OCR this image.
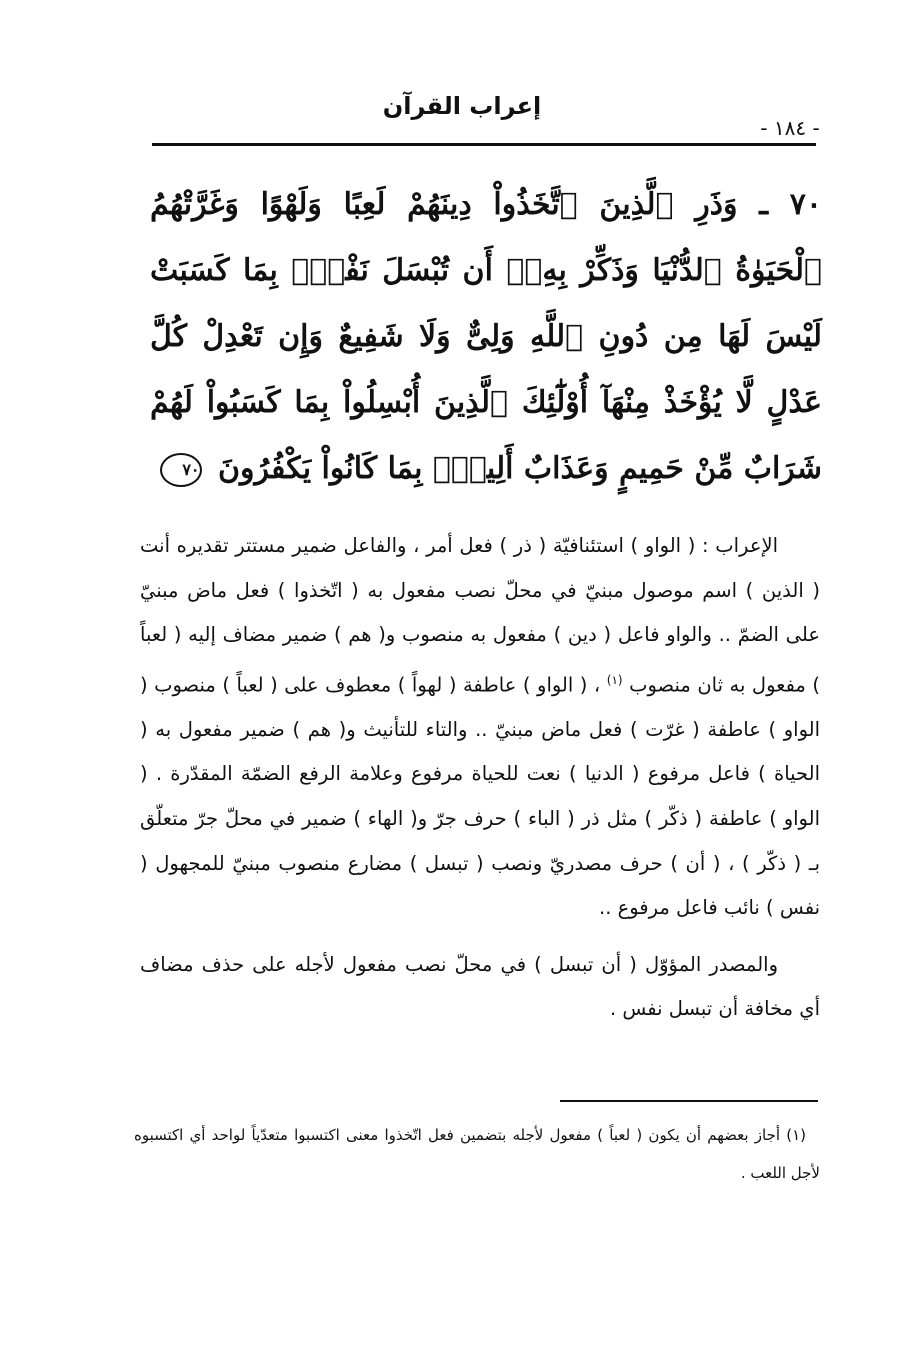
إعراب القرآن
- ١٨٤ -
٧٠ ـ وَذَرِ ٱلَّذِينَ ٱتَّخَذُواْ دِينَهُمْ لَعِبًا وَلَهْوًا وَغَرَّتْهُمُ ٱلْحَيَوٰةُ ٱلدُّنْيَا وَذَكِّرْ بِهِۦٓ أَن تُبْسَلَ نَفْسٌۢ بِمَا كَسَبَتْ لَيْسَ لَهَا مِن دُونِ ٱللَّهِ وَلِىٌّ وَلَا شَفِيعٌ وَإِن تَعْدِلْ كُلَّ عَدْلٍ لَّا يُؤْخَذْ مِنْهَآ أُوْلَٰٓئِكَ ٱلَّذِينَ أُبْسِلُواْ بِمَا كَسَبُواْ لَهُمْ شَرَابٌ مِّنْ حَمِيمٍ وَعَذَابٌ أَلِيمٌۢ بِمَا كَانُواْ يَكْفُرُونَ ٧٠

الإعراب : ( الواو ) استئنافيّة ( ذر ) فعل أمر ، والفاعل ضمير مستتر تقديره أنت ( الذين ) اسم موصول مبنيّ في محلّ نصب مفعول به ( اتّخذوا ) فعل ماض مبنيّ على الضمّ .. والواو فاعل ( دين ) مفعول به منصوب و( هم ) ضمير مضاف إليه ( لعباً ) مفعول به ثان منصوب $^{(١)}$ ، ( الواو ) عاطفة ( لهواً ) معطوف على ( لعباً ) منصوب ( الواو ) عاطفة ( غرّت ) فعل ماض مبنيّ .. والتاء للتأنيث و( هم ) ضمير مفعول به ( الحياة ) فاعل مرفوع ( الدنيا ) نعت للحياة مرفوع وعلامة الرفع الضمّة المقدّرة . ( الواو ) عاطفة ( ذكّر ) مثل ذر ( الباء ) حرف جرّ و( الهاء ) ضمير في محلّ جرّ متعلّق بـ ( ذكّر ) ، ( أن ) حرف مصدريّ ونصب ( تبسل ) مضارع منصوب مبنيّ للمجهول ( نفس ) نائب فاعل مرفوع ..

والمصدر المؤوّل ( أن تبسل ) في محلّ نصب مفعول لأجله على حذف مضاف أي مخافة أن تبسل نفس .

(١) أجاز بعضهم أن يكون ( لعباً ) مفعول لأجله بتضمين فعل اتّخذوا معنى اكتسبوا متعدّياً لواحد أي اكتسبوه لأجل اللعب .
